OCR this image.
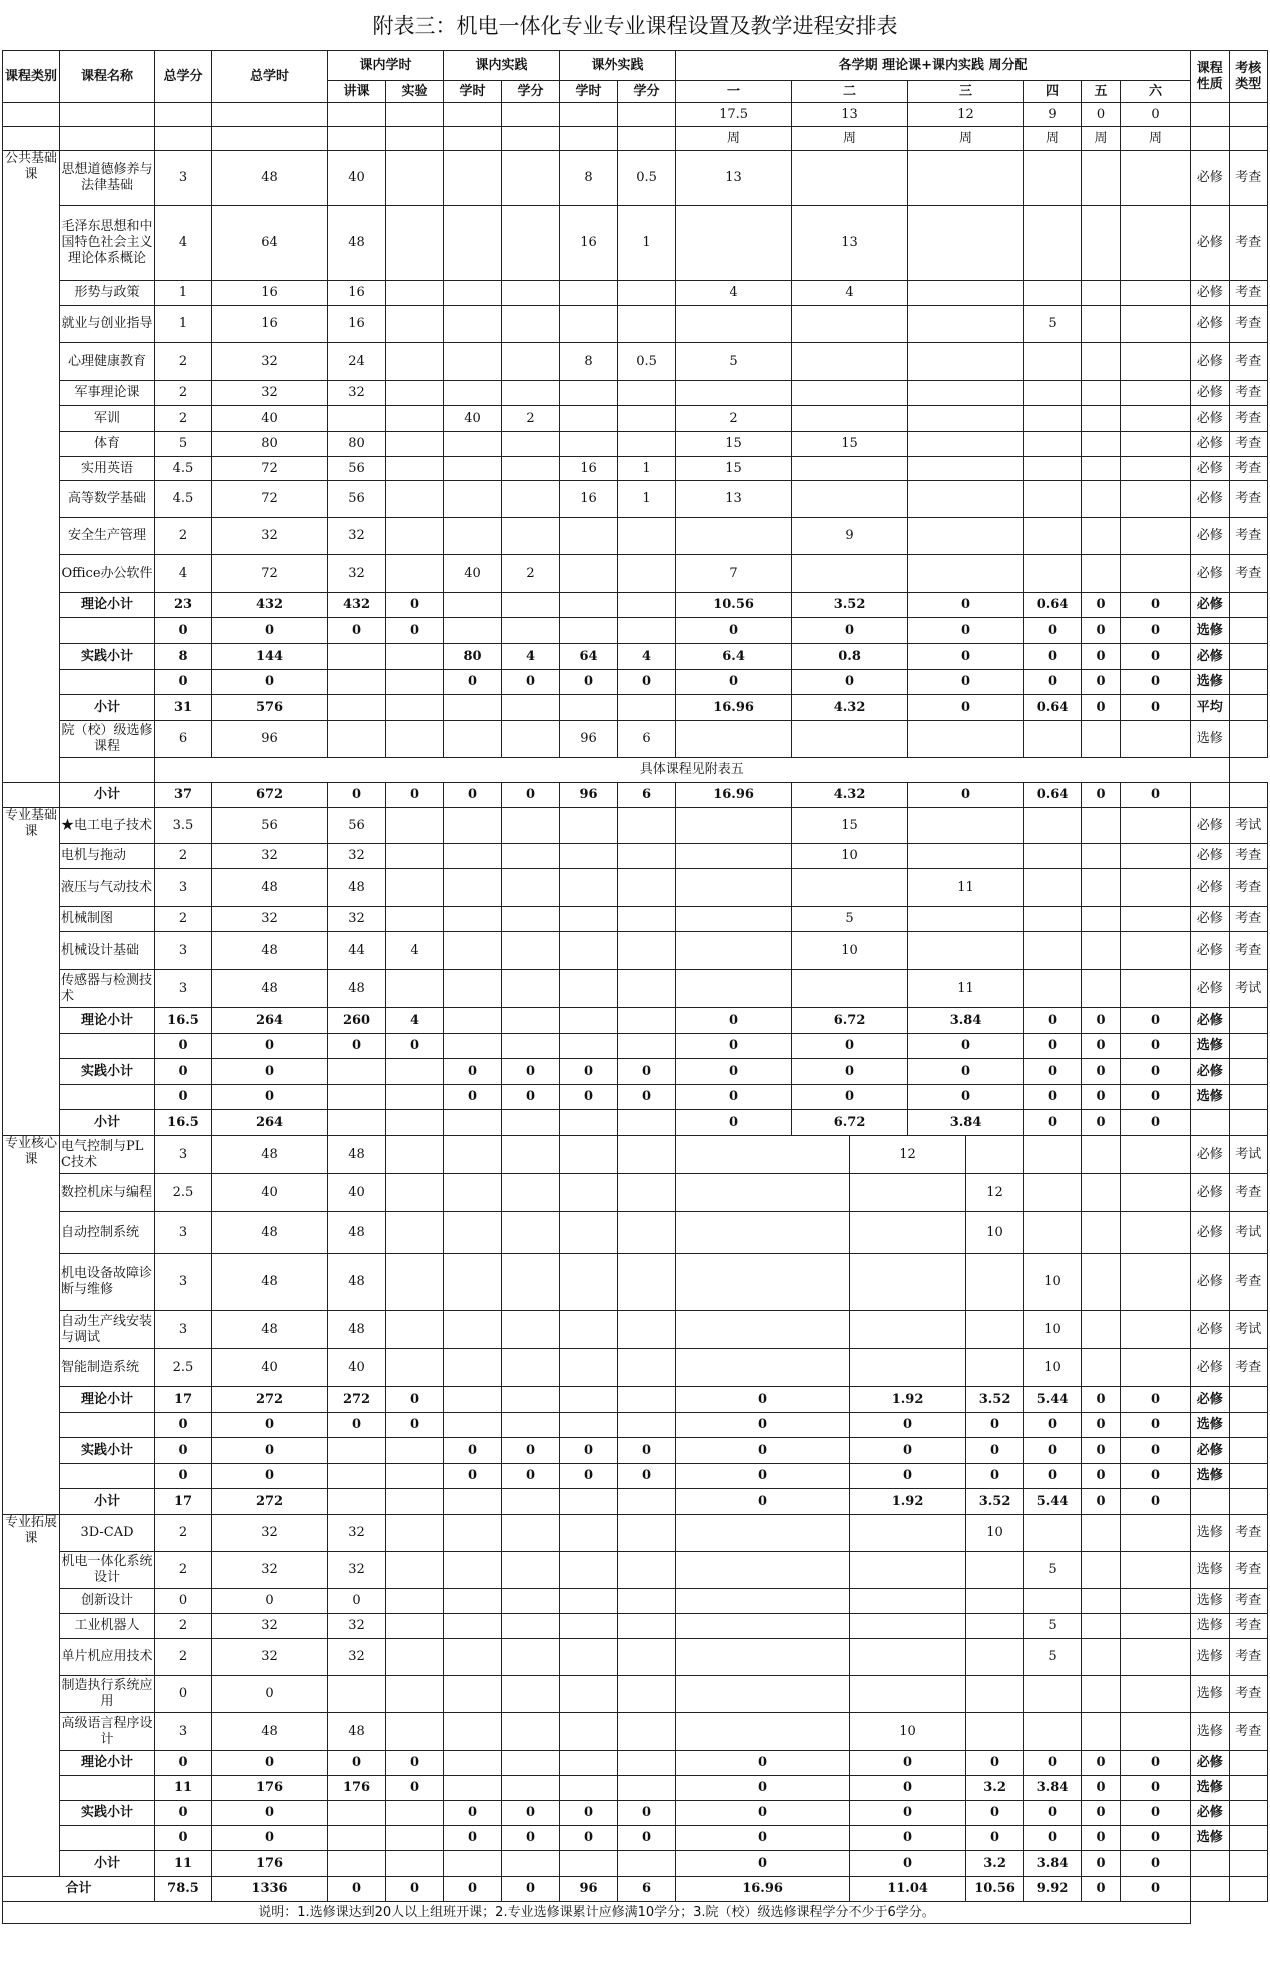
附表三：机电一体化专业专业课程设置及教学进程安排表
课程类别	课程名称	总学分	总学时	课内学时		课内实践		课外实践		各学期 理论课+课内实践 周分配								课程性质	考核类型
				讲课	实验	学时	学分	学时	学分	一	二		三		四	五	六		
										17.5	13		12		9	0	0		
										周	周		周		周	周	周		
公共基础课	思想道德修养与法律基础	3	48	40				8	0.5	13								必修	考查
	毛泽东思想和中国特色社会主义理论体系概论	4	64	48				16	1		13							必修	考查
	形势与政策	1	16	16						4	4							必修	考查
	就业与创业指导	1	16	16											5			必修	考查
	心理健康教育	2	32	24				8	0.5	5								必修	考查
	军事理论课	2	32	32														必修	考查
	军训	2	40			40	2			2								必修	考查
	体育	5	80	80						15	15							必修	考查
	实用英语	4.5	72	56				16	1	15								必修	考查
	高等数学基础	4.5	72	56				16	1	13								必修	考查
	安全生产管理	2	32	32							9							必修	考查
	Office办公软件	4	72	32		40	2			7								必修	考查
	理论小计	23	432	432	0					10.56	3.52		0		0.64	0	0	必修	
		0	0	0	0					0	0		0		0	0	0	选修	
	实践小计	8	144			80	4	64	4	6.4	0.8		0		0	0	0	必修	
		0	0			0	0	0	0	0	0		0		0	0	0	选修	
	小计	31	576							16.96	4.32		0		0.64	0	0	平均	
	院（校）级选修课程	6	96					96	6									选修	
		具体课程见附表五																	
	小计	37	672	0	0	0	0	96	6	16.96	4.32		0		0.64	0	0		
专业基础课	★电工电子技术	3.5	56	56							15							必修	考试
	电机与拖动	2	32	32							10							必修	考查
	液压与气动技术	3	48	48									11					必修	考查
	机械制图	2	32	32							5							必修	考查
	机械设计基础	3	48	44	4						10							必修	考查
	传感器与检测技术	3	48	48									11					必修	考试
	理论小计	16.5	264	260	4					0	6.72		3.84		0	0	0	必修	
		0	0	0	0					0	0		0		0	0	0	选修	
	实践小计	0	0			0	0	0	0	0	0		0		0	0	0	必修	
		0	0			0	0	0	0	0	0		0		0	0	0	选修	
	小计	16.5	264							0	6.72		3.84		0	0	0		
专业核心课	电气控制与PLC技术	3	48	48								12						必修	考试
	数控机床与编程	2.5	40	40										12				必修	考查
	自动控制系统	3	48	48										10				必修	考试
	机电设备故障诊断与维修	3	48	48											10			必修	考查
	自动生产线安装与调试	3	48	48											10			必修	考试
	智能制造系统	2.5	40	40											10			必修	考查
	理论小计	17	272	272	0					0		1.92		3.52	5.44	0	0	必修	
		0	0	0	0					0		0		0	0	0	0	选修	
	实践小计	0	0			0	0	0	0	0		0		0	0	0	0	必修	
		0	0			0	0	0	0	0		0		0	0	0	0	选修	
	小计	17	272							0		1.92		3.52	5.44	0	0		
专业拓展课	3D-CAD	2	32	32										10				选修	考查
	机电一体化系统设计	2	32	32											5			选修	考查
	创新设计	0	0	0														选修	考查
	工业机器人	2	32	32											5			选修	考查
	单片机应用技术	2	32	32											5			选修	考查
	制造执行系统应用	0	0															选修	考查
	高级语言程序设计	3	48	48								10						选修	考查
	理论小计	0	0	0	0					0		0		0	0	0	0	必修	
		11	176	176	0					0		0		3.2	3.84	0	0	选修	
	实践小计	0	0			0	0	0	0	0		0		0	0	0	0	必修	
		0	0			0	0	0	0	0		0		0	0	0	0	选修	
	小计	11	176							0		0		3.2	3.84	0	0		
合计		78.5	1336	0	0	0	0	96	6	16.96		11.04		10.56	9.92	0	0		
说明：1.选修课达到20人以上组班开课；2.专业选修课累计应修满10学分；3.院（校）级选修课程学分不少于6学分。																			
